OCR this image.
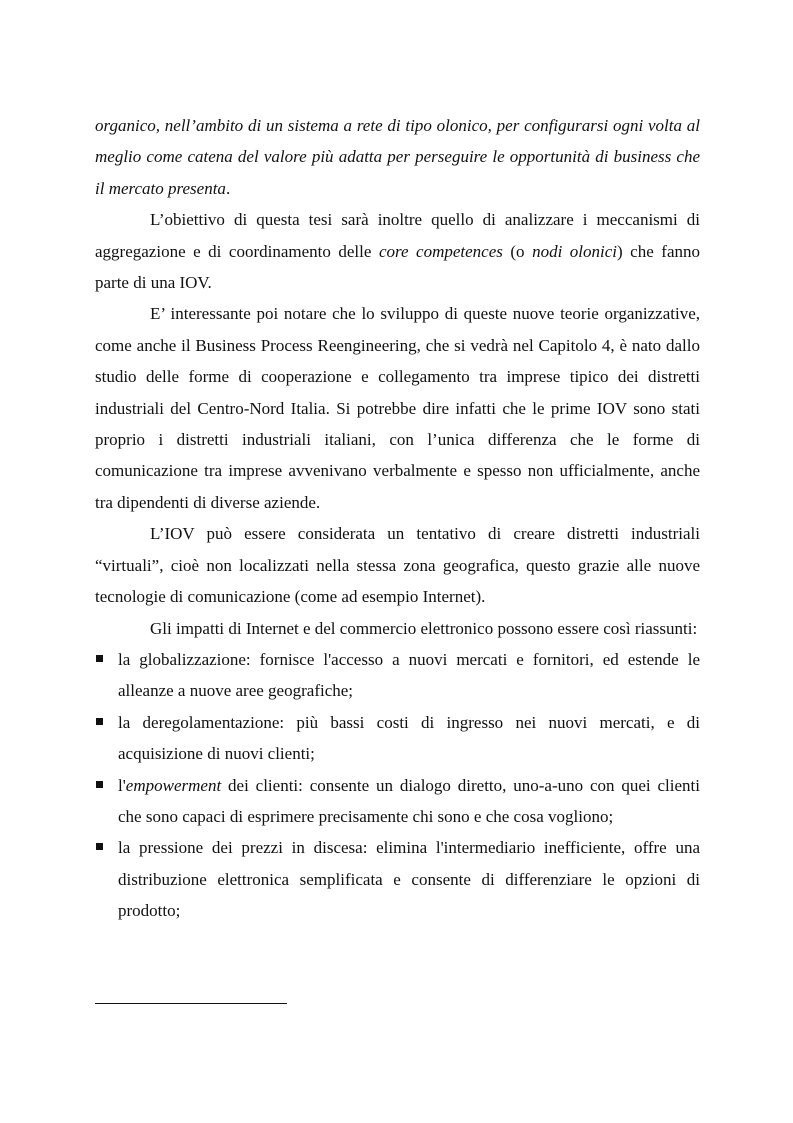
organico, nell’ambito di un sistema a rete di tipo olonico, per configurarsi ogni volta al meglio come catena del valore più adatta per perseguire le opportunità di business che il mercato presenta.

L’obiettivo di questa tesi sarà inoltre quello di analizzare i meccanismi di aggregazione e di coordinamento delle core competences (o nodi olonici) che fanno parte di una IOV.

E’ interessante poi notare che lo sviluppo di queste nuove teorie organizzative, come anche il Business Process Reengineering, che si vedrà nel Capitolo 4, è nato dallo studio delle forme di cooperazione e collegamento tra imprese tipico dei distretti industriali del Centro-Nord Italia. Si potrebbe dire infatti che le prime IOV sono stati proprio i distretti industriali italiani, con l’unica differenza che le forme di comunicazione tra imprese avvenivano verbalmente e spesso non ufficialmente, anche tra dipendenti di diverse aziende.

L’IOV può essere considerata un tentativo di creare distretti industriali “virtuali”, cioè non localizzati nella stessa zona geografica, questo grazie alle nuove tecnologie di comunicazione (come ad esempio Internet).

Gli impatti di Internet e del commercio elettronico possono essere così riassunti:

la globalizzazione: fornisce l'accesso a nuovi mercati e fornitori, ed estende le alleanze a nuove aree geografiche;
la deregolamentazione: più bassi costi di ingresso nei nuovi mercati, e di acquisizione di nuovi clienti;
l'empowerment dei clienti: consente un dialogo diretto, uno-a-uno con quei clienti che sono capaci di esprimere precisamente chi sono e che cosa vogliono;
la pressione dei prezzi in discesa: elimina l'intermediario inefficiente, offre una distribuzione elettronica semplificata e consente di differenziare le opzioni di prodotto;
